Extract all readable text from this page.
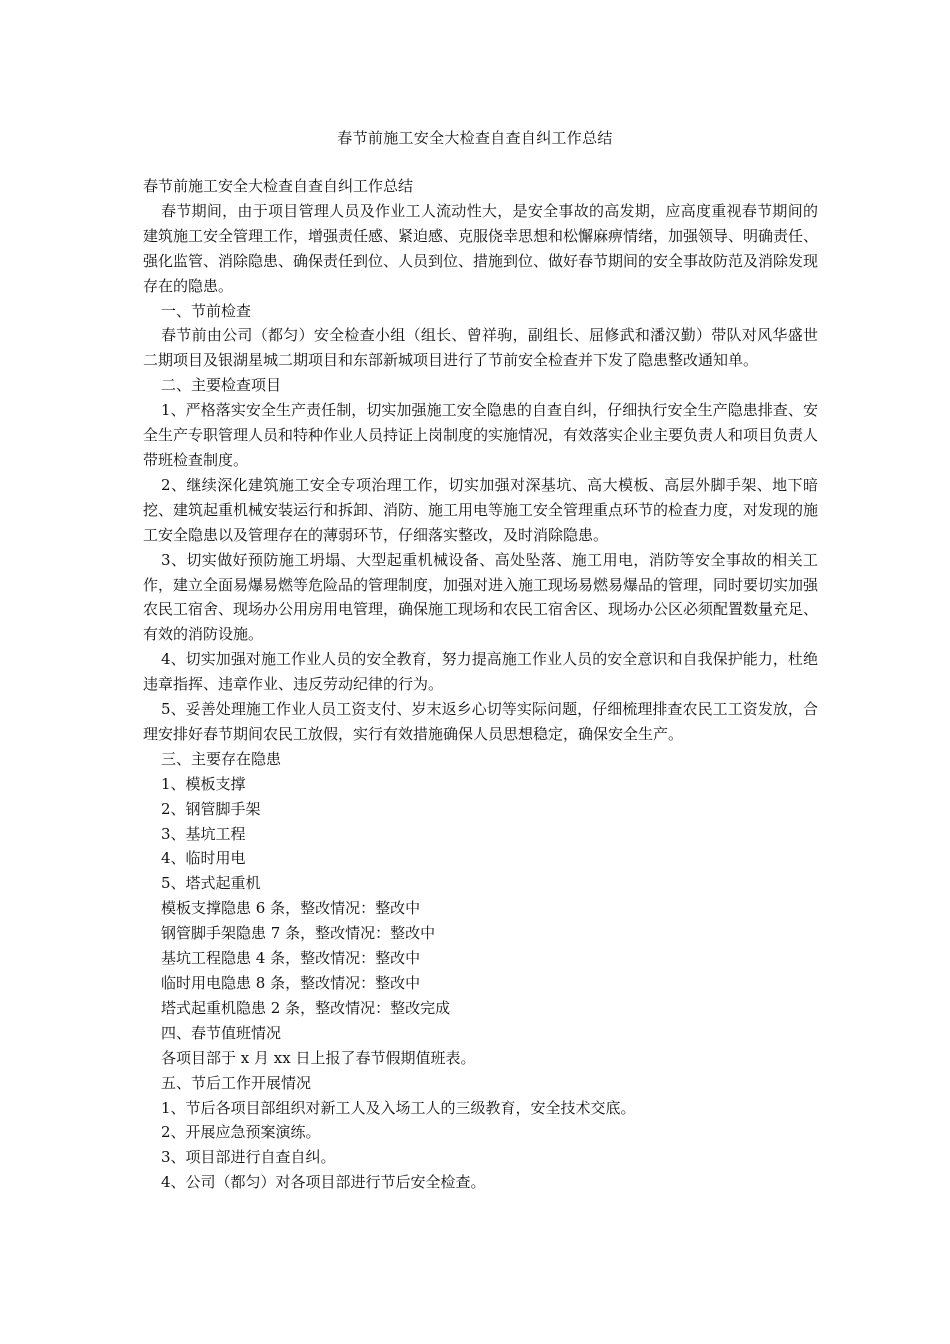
春节前施工安全大检查自查自纠工作总结

春节前施工安全大检查自查自纠工作总结

春节期间，由于项目管理人员及作业工人流动性大，是安全事故的高发期，应高度重视春节期间的建筑施工安全管理工作，增强责任感、紧迫感、克服侥幸思想和松懈麻痹情绪，加强领导、明确责任、强化监管、消除隐患、确保责任到位、人员到位、措施到位、做好春节期间的安全事故防范及消除发现存在的隐患。

一、节前检查

春节前由公司（都匀）安全检查小组（组长、曾祥驹，副组长、屈修武和潘汉勤）带队对风华盛世二期项目及银湖星城二期项目和东部新城项目进行了节前安全检查并下发了隐患整改通知单。

二、主要检查项目

1、严格落实安全生产责任制，切实加强施工安全隐患的自查自纠，仔细执行安全生产隐患排查、安全生产专职管理人员和特种作业人员持证上岗制度的实施情况，有效落实企业主要负责人和项目负责人带班检查制度。

2、继续深化建筑施工安全专项治理工作，切实加强对深基坑、高大模板、高层外脚手架、地下暗挖、建筑起重机械安装运行和拆卸、消防、施工用电等施工安全管理重点环节的检查力度，对发现的施工安全隐患以及管理存在的薄弱环节，仔细落实整改，及时消除隐患。

3、切实做好预防施工坍塌、大型起重机械设备、高处坠落、施工用电，消防等安全事故的相关工作，建立全面易爆易燃等危险品的管理制度，加强对进入施工现场易燃易爆品的管理，同时要切实加强农民工宿舍、现场办公用房用电管理，确保施工现场和农民工宿舍区、现场办公区必须配置数量充足、有效的消防设施。

4、切实加强对施工作业人员的安全教育，努力提高施工作业人员的安全意识和自我保护能力，杜绝违章指挥、违章作业、违反劳动纪律的行为。

5、妥善处理施工作业人员工资支付、岁末返乡心切等实际问题，仔细梳理排查农民工工资发放，合理安排好春节期间农民工放假，实行有效措施确保人员思想稳定，确保安全生产。

三、主要存在隐患

1、模板支撑

2、钢管脚手架

3、基坑工程

4、临时用电

5、塔式起重机

模板支撑隐患 6 条，整改情况：整改中

钢管脚手架隐患 7 条，整改情况：整改中

基坑工程隐患 4 条，整改情况：整改中

临时用电隐患 8 条，整改情况：整改中

塔式起重机隐患 2 条，整改情况：整改完成

四、春节值班情况

各项目部于 x 月 xx 日上报了春节假期值班表。

五、节后工作开展情况

1、节后各项目部组织对新工人及入场工人的三级教育，安全技术交底。

2、开展应急预案演练。

3、项目部进行自查自纠。

4、公司（都匀）对各项目部进行节后安全检查。
